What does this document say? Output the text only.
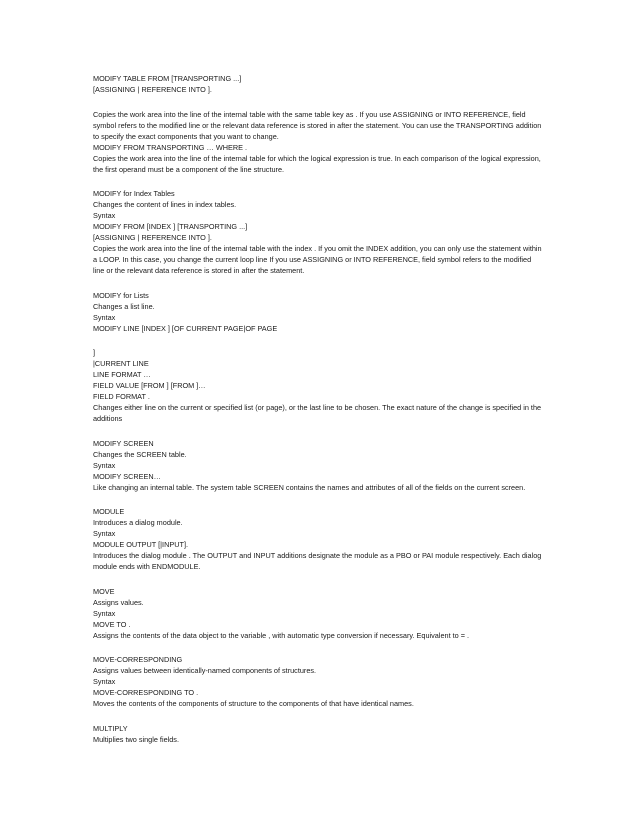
MODIFY TABLE FROM [TRANSPORTING ...]
[ASSIGNING | REFERENCE INTO ].
Copies the work area into the line of the internal table with the same table key as . If you use ASSIGNING or INTO REFERENCE, field
symbol refers to the modified line or the relevant data reference is stored in after the statement. You can use the TRANSPORTING addition
to specify the exact components that you want to change.
MODIFY FROM TRANSPORTING … WHERE .
Copies the work area into the line of the internal table for which the logical expression is true. In each comparison of the logical expression,
the first operand must be a component of the line structure.
MODIFY for Index Tables
Changes the content of lines in index tables.
Syntax
MODIFY FROM [INDEX ] [TRANSPORTING ...]
[ASSIGNING | REFERENCE INTO ].
Copies the work area into the line of the internal table with the index . If you omit the INDEX addition, you can only use the statement within
a LOOP. In this case, you change the current loop line If you use ASSIGNING or INTO REFERENCE, field symbol refers to the modified
line or the relevant data reference is stored in after the statement.
MODIFY for Lists
Changes a list line.
Syntax
MODIFY LINE [INDEX ] [OF CURRENT PAGE|OF PAGE
]
|CURRENT LINE
LINE FORMAT …
FIELD VALUE [FROM ] [FROM ]…
FIELD FORMAT .
Changes either line on the current or specified list (or page), or the last line to be chosen. The exact nature of the change is specified in the
additions
MODIFY SCREEN
Changes the SCREEN table.
Syntax
MODIFY SCREEN…
Like changing an internal table. The system table SCREEN contains the names and attributes of all of the fields on the current screen.
MODULE
Introduces a dialog module.
Syntax
MODULE OUTPUT [|INPUT].
Introduces the dialog module . The OUTPUT and INPUT additions designate the module as a PBO or PAI module respectively. Each dialog
module ends with ENDMODULE.
MOVE
Assigns values.
Syntax
MOVE TO .
Assigns the contents of the data object to the variable , with automatic type conversion if necessary. Equivalent to = .
MOVE-CORRESPONDING
Assigns values between identically-named components of structures.
Syntax
MOVE-CORRESPONDING TO .
Moves the contents of the components of structure to the components of that have identical names.
MULTIPLY
Multiplies two single fields.
